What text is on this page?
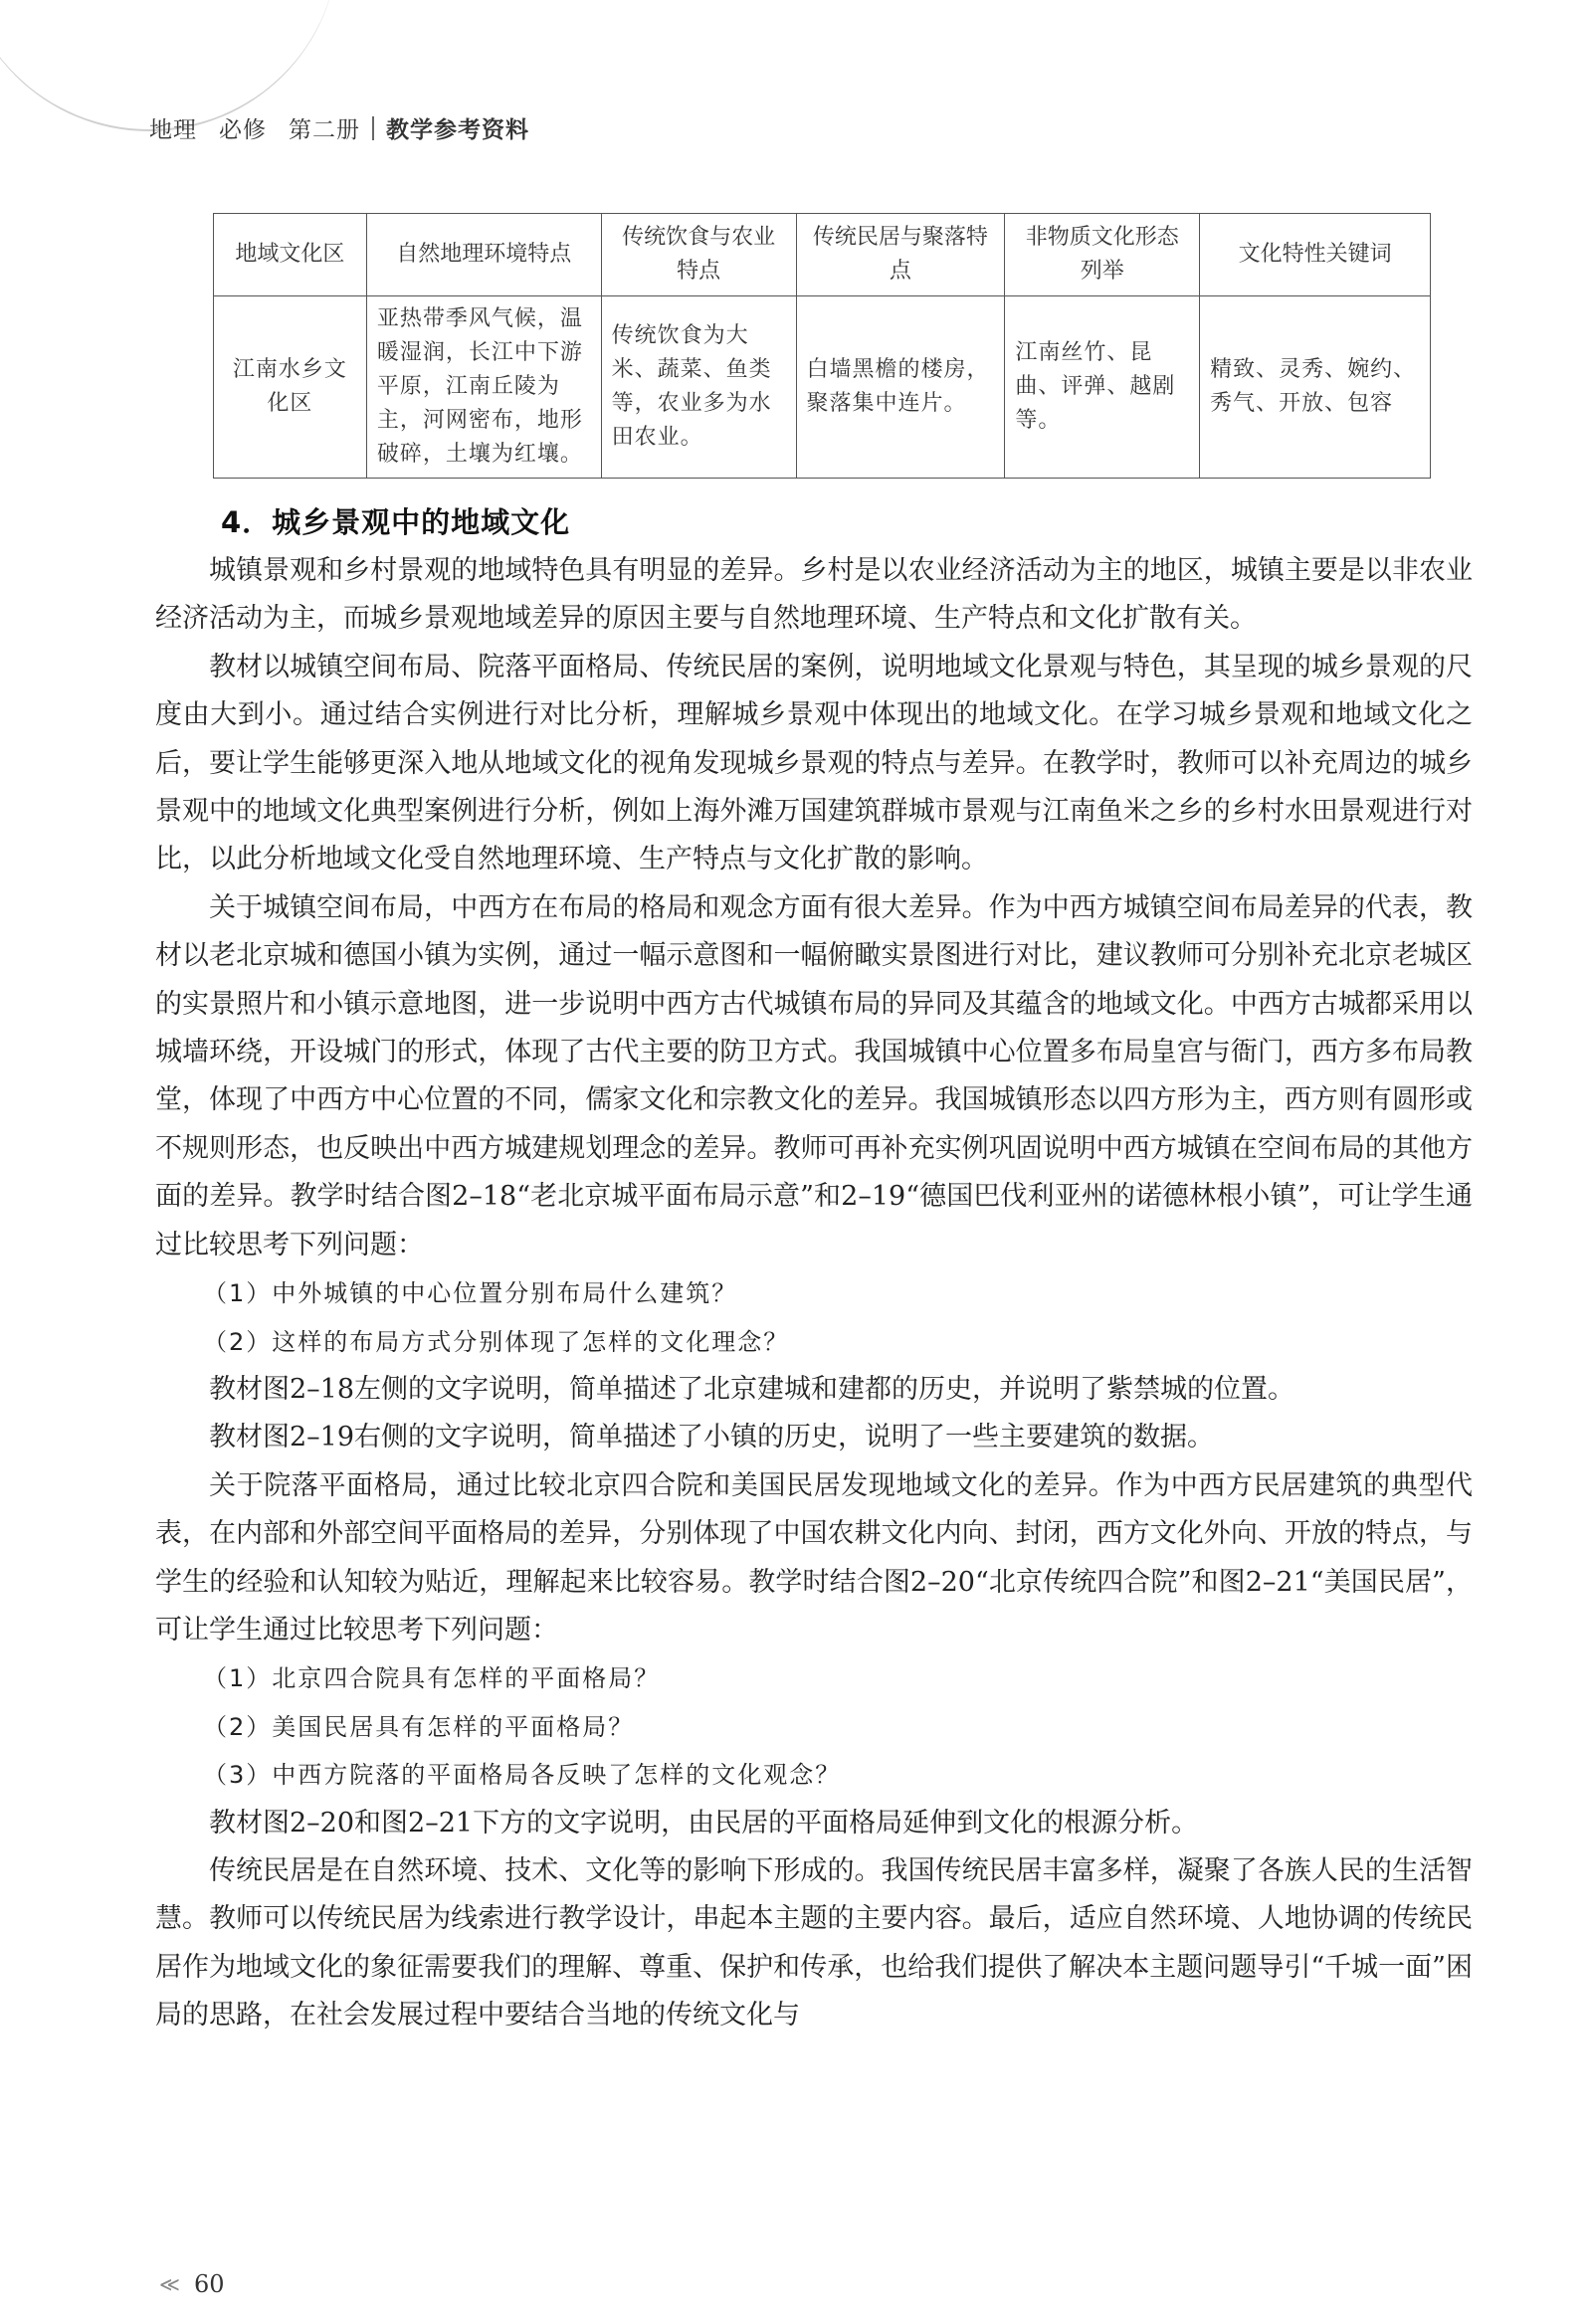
地理 必修 第二册 教学参考资料
地域文化区	自然地理环境特点	传统饮食与农业特点	传统民居与聚落特点	非物质文化形态列举	文化特性关键词
江南水乡文化区	亚热带季风气候，温暖湿润，长江中下游平原，江南丘陵为主，河网密布，地形破碎，土壤为红壤。	传统饮食为大米、蔬菜、鱼类等，农业多为水田农业。	白墙黑檐的楼房，聚落集中连片。	江南丝竹、昆曲、评弹、越剧等。	精致、灵秀、婉约、秀气、开放、包容
4．城乡景观中的地域文化

城镇景观和乡村景观的地域特色具有明显的差异。乡村是以农业经济活动为主的地区，城镇主要是以非农业经济活动为主，而城乡景观地域差异的原因主要与自然地理环境、生产特点和文化扩散有关。

教材以城镇空间布局、院落平面格局、传统民居的案例，说明地域文化景观与特色，其呈现的城乡景观的尺度由大到小。通过结合实例进行对比分析，理解城乡景观中体现出的地域文化。在学习城乡景观和地域文化之后，要让学生能够更深入地从地域文化的视角发现城乡景观的特点与差异。在教学时，教师可以补充周边的城乡景观中的地域文化典型案例进行分析，例如上海外滩万国建筑群城市景观与江南鱼米之乡的乡村水田景观进行对比，以此分析地域文化受自然地理环境、生产特点与文化扩散的影响。

关于城镇空间布局，中西方在布局的格局和观念方面有很大差异。作为中西方城镇空间布局差异的代表，教材以老北京城和德国小镇为实例，通过一幅示意图和一幅俯瞰实景图进行对比，建议教师可分别补充北京老城区的实景照片和小镇示意地图，进一步说明中西方古代城镇布局的异同及其蕴含的地域文化。中西方古城都采用以城墙环绕，开设城门的形式，体现了古代主要的防卫方式。我国城镇中心位置多布局皇宫与衙门，西方多布局教堂，体现了中西方中心位置的不同，儒家文化和宗教文化的差异。我国城镇形态以四方形为主，西方则有圆形或不规则形态，也反映出中西方城建规划理念的差异。教师可再补充实例巩固说明中西方城镇在空间布局的其他方面的差异。教学时结合图2–18“老北京城平面布局示意”和2–19“德国巴伐利亚州的诺德林根小镇”，可让学生通过比较思考下列问题：

（1）中外城镇的中心位置分别布局什么建筑？

（2）这样的布局方式分别体现了怎样的文化理念？

教材图2–18左侧的文字说明，简单描述了北京建城和建都的历史，并说明了紫禁城的位置。

教材图2–19右侧的文字说明，简单描述了小镇的历史，说明了一些主要建筑的数据。

关于院落平面格局，通过比较北京四合院和美国民居发现地域文化的差异。作为中西方民居建筑的典型代表，在内部和外部空间平面格局的差异，分别体现了中国农耕文化内向、封闭，西方文化外向、开放的特点，与学生的经验和认知较为贴近，理解起来比较容易。教学时结合图2–20“北京传统四合院”和图2–21“美国民居”，可让学生通过比较思考下列问题：

（1）北京四合院具有怎样的平面格局？

（2）美国民居具有怎样的平面格局？

（3）中西方院落的平面格局各反映了怎样的文化观念？

教材图2–20和图2–21下方的文字说明，由民居的平面格局延伸到文化的根源分析。

传统民居是在自然环境、技术、文化等的影响下形成的。我国传统民居丰富多样，凝聚了各族人民的生活智慧。教师可以传统民居为线索进行教学设计，串起本主题的主要内容。最后，适应自然环境、人地协调的传统民居作为地域文化的象征需要我们的理解、尊重、保护和传承，也给我们提供了解决本主题问题导引“千城一面”困局的思路，在社会发展过程中要结合当地的传统文化与

≪ 60
